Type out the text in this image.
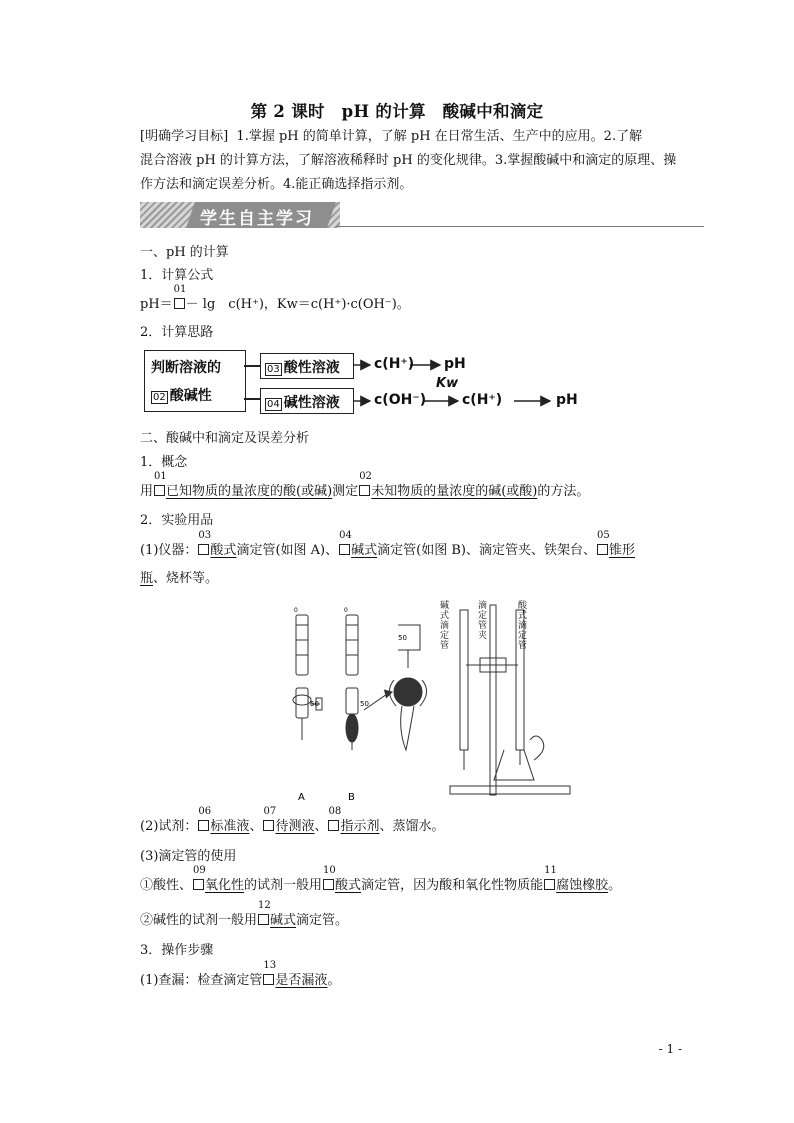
第 2 课时　pH 的计算　酸碱中和滴定
[明确学习目标] 1.掌握 pH 的简单计算，了解 pH 在日常生活、生产中的应用。2.了解
混合溶液 pH 的计算方法，了解溶液稀释时 pH 的变化规律。3.掌握酸碱中和滴定的原理、操
作方法和滴定误差分析。4.能正确选择指示剂。
学生自主学习
一、pH 的计算
1．计算公式
pH＝
01
－ lg　c(H⁺)，Kw＝c(H⁺)·c(OH⁻)。
2．计算思路
判断溶液的
02 酸碱性
03 酸性溶液
04 碱性溶液
c(H⁺) pH
c(OH⁻)
Kw
c(H⁺)	pH
二、酸碱中和滴定及误差分析
1．概念
用
01
已知物质的量浓度的酸(或碱)测定
02
未知物质的量浓度的碱(或酸)的方法。
2．实验用品
(1)仪器：
03
酸式滴定管(如图 A)、
04
碱式滴定管(如图 B)、滴定管夹、铁架台、
05
锥形
瓶、烧杯等。
0	0
50	50
50
A	B
碱式滴定管
滴定管夹
酸式滴定管
(2)试剂：
06
标准液、
07
待测液、
08
指示剂、蒸馏水。
(3)滴定管的使用
①酸性、
09
氧化性的试剂一般用
10
酸式滴定管，因为酸和氧化性物质能
11
腐蚀橡胶。
②碱性的试剂一般用
12
碱式滴定管。
3．操作步骤
(1)查漏：检查滴定管
13
是否漏液。
- 1 -
